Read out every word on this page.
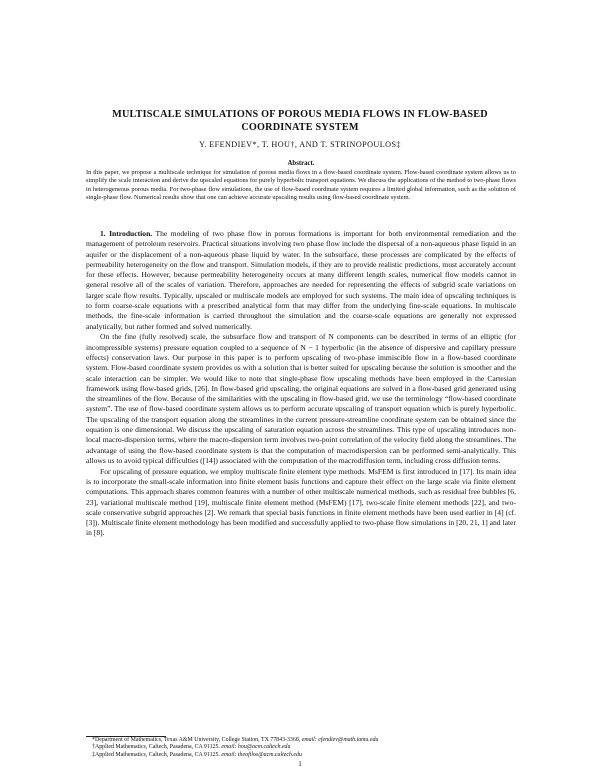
MULTISCALE SIMULATIONS OF POROUS MEDIA FLOWS IN FLOW-BASED
COORDINATE SYSTEM
Y. EFENDIEV*, T. HOU†, AND T. STRINOPOULOS‡
Abstract.
In this paper, we propose a multiscale technique for simulation of porous media flows in a flow-based coordinate system. Flow-based coordinate system allows us to simplify the scale interaction and derive the upscaled equations for purely hyperbolic transport equations. We discuss the applications of the method to two-phase flows in heterogeneous porous media. For two-phase flow simulations, the use of flow-based coordinate system requires a limited global information, such as the solution of single-phase flow. Numerical results show that one can achieve accurate upscaling results using flow-based coordinate system.

1. Introduction. The modeling of two phase flow in porous formations is important for both environmental remediation and the management of petroleum reservoirs. Practical situations involving two phase flow include the dispersal of a non-aqueous phase liquid in an aquifer or the displacement of a non-aqueous phase liquid by water. In the subsurface, these processes are complicated by the effects of permeability heterogeneity on the flow and transport. Simulation models, if they are to provide realistic predictions, must accurately account for these effects. However, because permeability heterogeneity occurs at many different length scales, numerical flow models cannot in general resolve all of the scales of variation. Therefore, approaches are needed for representing the effects of subgrid scale variations on larger scale flow results. Typically, upscaled or multiscale models are employed for such systems. The main idea of upscaling techniques is to form coarse-scale equations with a prescribed analytical form that may differ from the underlying fine-scale equations. In multiscale methods, the fine-scale information is carried throughout the simulation and the coarse-scale equations are generally not expressed analytically, but rather formed and solved numerically.

On the fine (fully resolved) scale, the subsurface flow and transport of N components can be described in terms of an elliptic (for incompressible systems) pressure equation coupled to a sequence of N − 1 hyperbolic (in the absence of dispersive and capillary pressure effects) conservation laws. Our purpose in this paper is to perform upscaling of two-phase immiscible flow in a flow-based coordinate system. Flow-based coordinate system provides us with a solution that is better suited for upscaling because the solution is smoother and the scale interaction can be simpler. We would like to note that single-phase flow upscaling methods have been employed in the Cartesian framework using flow-based grids, [26]. In flow-based grid upscaling, the original equations are solved in a flow-based grid generated using the streamlines of the flow. Because of the similarities with the upscaling in flow-based grid, we use the terminology “flow-based coordinate system”. The use of flow-based coordinate system allows us to perform accurate upscaling of transport equation which is purely hyperbolic. The upscaling of the transport equation along the streamlines in the current pressure-streamline coordinate system can be obtained since the equation is one dimensional. We discuss the upscaling of saturation equation across the streamlines. This type of upscaling introduces non-local macro-dispersion terms, where the macro-dispersion term involves two-point correlation of the velocity field along the streamlines. The advantage of using the flow-based coordinate system is that the computation of macrodispersion can be performed semi-analytically. This allows us to avoid typical difficulties ([14]) associated with the computation of the macrodiffusion term, including cross diffusion terms.

For upscaling of pressure equation, we employ multiscale finite element type methods. MsFEM is first introduced in [17]. Its main idea is to incorporate the small-scale information into finite element basis functions and capture their effect on the large scale via finite element computations. This approach shares common features with a number of other multiscale numerical methods, such as residual free bubbles [6, 23], variational multiscale method [19], multiscale finite element method (MsFEM) [17], two-scale finite element methods [22], and two-scale conservative subgrid approaches [2]. We remark that special basis functions in finite element methods have been used earlier in [4] (cf. [3]). Multiscale finite element methodology has been modified and successfully applied to two-phase flow simulations in [20, 21, 1] and later in [8].

*Department of Mathematics, Texas A&M University, College Station, TX 77843-3368, email: efendiev@math.tamu.edu
†Applied Mathematics, Caltech, Pasadena, CA 91125. email: hou@acm.caltech.edu
‡Applied Mathematics, Caltech, Pasadena, CA 91125. email: theofilos@acm.caltech.edu
1
